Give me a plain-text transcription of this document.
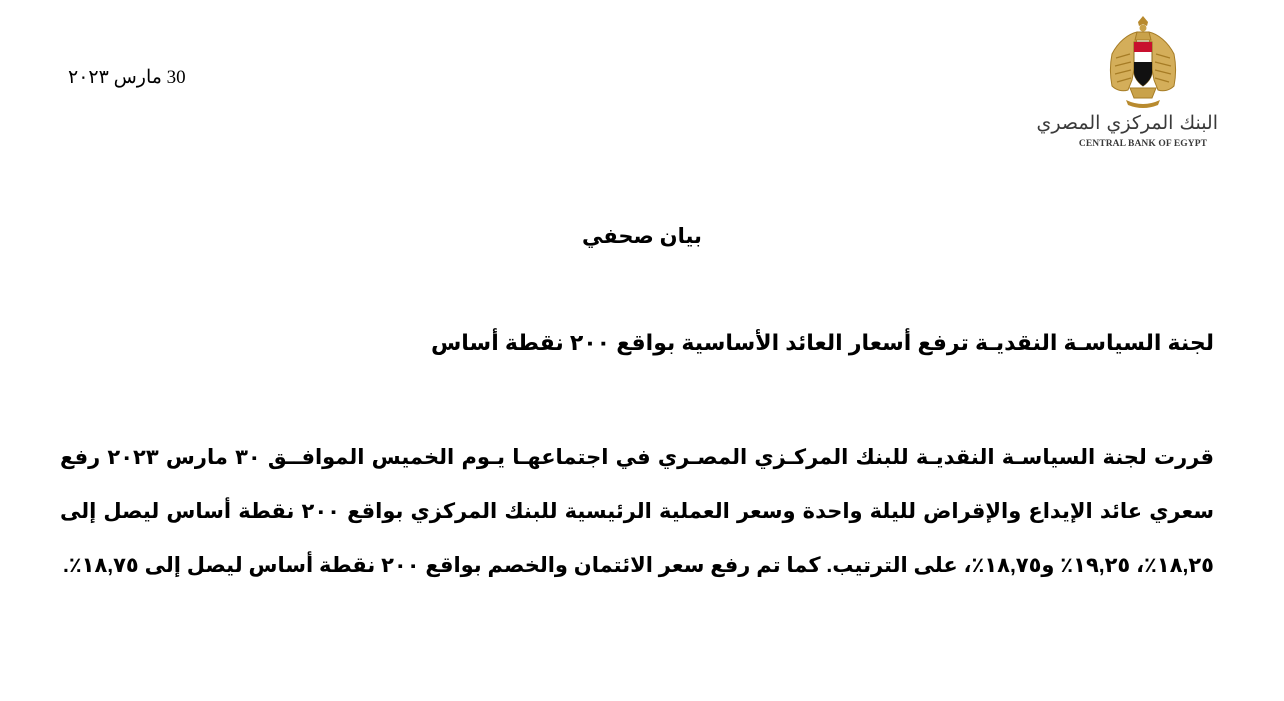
30 مارس ٢٠٢٣
البنك المركزي المصري
CENTRAL BANK OF EGYPT
بيان صحفي
لجنة السياسـة النقديـة ترفع أسعار العائد الأساسية بواقع ٢٠٠ نقطة أساس
قررت لجنة السياسـة النقديـة للبنك المركـزي المصـري في اجتماعهـا يـوم الخميس الموافــق ٣٠ مارس ٢٠٢٣ رفع سعري عائد الإيداع والإقراض لليلة واحدة وسعر العملية الرئيسية للبنك المركزي بواقع ٢٠٠ نقطة أساس ليصل إلى ١٨,٢٥٪، ١٩,٢٥٪ و١٨,٧٥٪، على الترتيب. كما تم رفع سعر الائتمان والخصم بواقع ٢٠٠ نقطة أساس ليصل إلى ١٨,٧٥٪.
